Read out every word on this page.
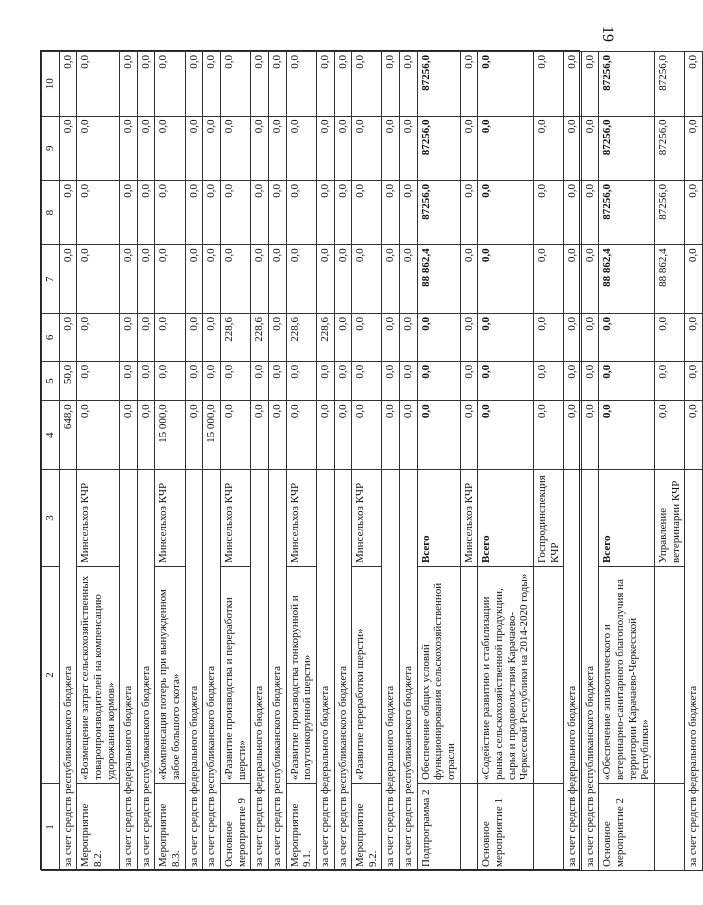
19
1	2	3	4	5	6	7	8	9	10
за счет средств республиканского бюджета			648,0	50,0	0,0	0,0	0,0	0,0	0,0
Мероприятие 8.2.	«Возмещение затрат сельскохозяйственных товаропроизводителей на компенсацию удорожания кормов»	Минсельхоз КЧР	0,0	0,0	0,0	0,0	0,0	0,0	0,0
за счет средств федерального бюджета			0,0	0,0	0,0	0,0	0,0	0,0	0,0
за счет средств республиканского бюджета			0,0	0,0	0,0	0,0	0,0	0,0	0,0
Мероприятие 8.3.	«Компенсация потерь при вынужденном забое большого скота»	Минсельхоз КЧР	15 000,0	0,0	0,0	0,0	0,0	0,0	0,0
за счет средств федерального бюджета			0,0	0,0	0,0	0,0	0,0	0,0	0,0
за счет средств республиканского бюджета			15 000,0	0,0	0,0	0,0	0,0	0,0	0,0
Основное мероприятие 9	«Развитие производства и переработки шерсти»	Минсельхоз КЧР	0,0	0,0	228,6	0,0	0,0	0,0	0,0
за счет средств федерального бюджета			0,0	0,0	228,6	0,0	0,0	0,0	0,0
за счет средств республиканского бюджета			0,0	0,0	0,0	0,0	0,0	0,0	0,0
Мероприятие 9.1.	«Развитие производства тонкорунной и полутонкорунной шерсти»	Минсельхоз КЧР	0,0	0,0	228,6	0,0	0,0	0,0	0,0
за счет средств федерального бюджета			0,0	0,0	228,6	0,0	0,0	0,0	0,0
за счет средств республиканского бюджета			0,0	0,0	0,0	0,0	0,0	0,0	0,0
Мероприятие 9.2.	«Развитие переработки шерсти»	Минсельхоз КЧР	0,0	0,0	0,0	0,0	0,0	0,0	0,0
за счет средств федерального бюджета			0,0	0,0	0,0	0,0	0,0	0,0	0,0
за счет средств республиканского бюджета			0,0	0,0	0,0	0,0	0,0	0,0	0,0
Подпрограмма 2	Обеспечение общих условий функционирования сельскохозяйственной отрасли	Всего	0,0	0,0	0,0	88 862,4	87256,0	87256,0	87256,0
		Минсельхоз КЧР	0,0	0,0	0,0	0,0	0,0	0,0	0,0
Основное мероприятие 1	«Содействие развитию и стабилизации рынка сельскохозяйственной продукции, сырья и продовольствия Карачаево-Черкесской Республики на 2014-2020 годы»	Всего	0,0	0,0	0,0	0,0	0,0	0,0	0,0
		Госпродинспекция КЧР	0,0	0,0	0,0	0,0	0,0	0,0	0,0
за счет средств федерального бюджета			0,0	0,0	0,0	0,0	0,0	0,0	0,0
за счет средств республиканского бюджета			0,0	0,0	0,0	0,0	0,0	0,0	0,0
Основное мероприятие 2	«Обеспечение эпизоотического и ветеринарно-санитарного благополучия на территории Карачаево-Черкесской Республики»	Всего	0,0	0,0	0,0	88 862,4	87256,0	87256,0	87256,0
		Управление ветеринарии КЧР	0,0	0,0	0,0	88 862,4	87256,0	87256,0	87256,0
за счет средств федерального бюджета			0,0	0,0	0,0	0,0	0,0	0,0	0,0
